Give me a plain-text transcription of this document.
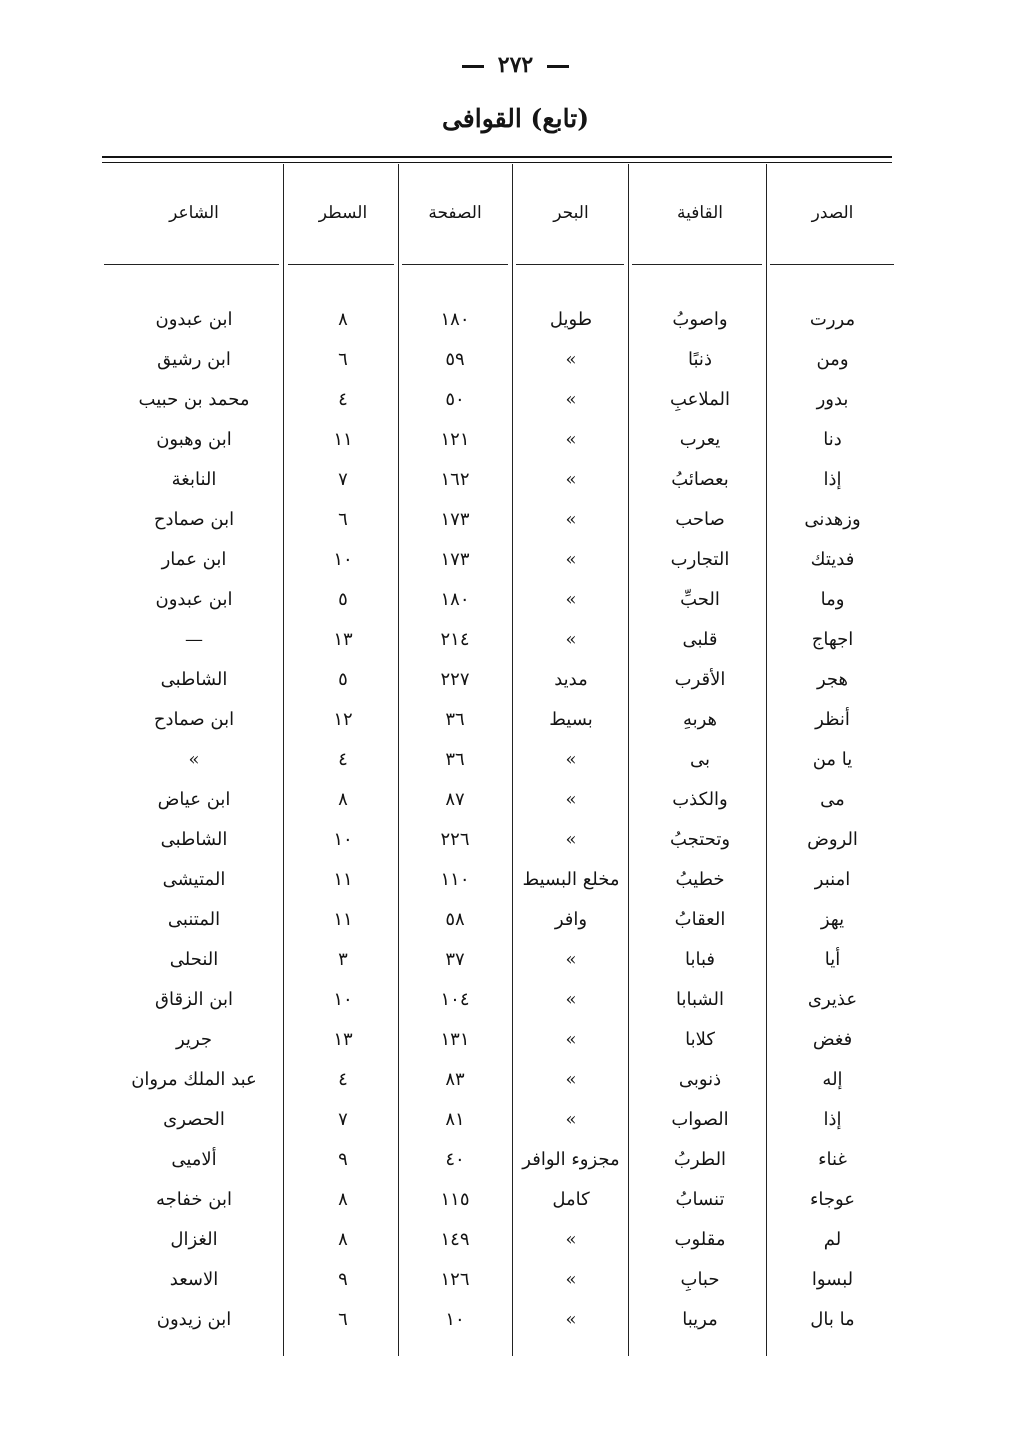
٢٧٢
(تابع) القوافى
الصدر
القافية
البحر
الصفحة
السطر
الشاعر
مررت
واصوبُ
طويل
١٨٠
٨
ابن عبدون
ومن
ذنبًا
»
٥٩
٦
ابن رشيق
بدور
الملاعبِ
»
٥٠
٤
محمد بن حبيب
دنا
يعرب
»
١٢١
١١
ابن وهبون
إذا
بعصائبُ
»
١٦٢
٧
النابغة
وزهدنى
صاحب
»
١٧٣
٦
ابن صمادح
فديتك
التجارب
»
١٧٣
١٠
ابن عمار
وما
الحبِّ
»
١٨٠
٥
ابن عبدون
اجهاج
قلبى
»
٢١٤
١٣
—
هجر
الأقرب
مديد
٢٢٧
٥
الشاطبى
أنظر
هربهِ
بسيط
٣٦
١٢
ابن صمادح
يا من
بى
»
٣٦
٤
»
مى
والكذب
»
٨٧
٨
ابن عياض
الروض
وتحتجبُ
»
٢٢٦
١٠
الشاطبى
امنبر
خطيبُ
مخلع البسيط
١١٠
١١
المتيشى
يهز
العقابُ
وافر
٥٨
١١
المتنبى
أيا
فبابا
»
٣٧
٣
النحلى
عذيرى
الشبابا
»
١٠٤
١٠
ابن الزقاق
فغض
كلابا
»
١٣١
١٣
جرير
إله
ذنوبى
»
٨٣
٤
عبد الملك مروان
إذا
الصواب
»
٨١
٧
الحصرى
غناء
الطربُ
مجزوء الوافر
٤٠
٩
ألاميى
عوجاء
تنسابُ
كامل
١١٥
٨
ابن خفاجه
لم
مقلوب
»
١٤٩
٨
الغزال
لبسوا
حبابِ
»
١٢٦
٩
الاسعد
ما بال
مريبا
»
١٠
٦
ابن زيدون
